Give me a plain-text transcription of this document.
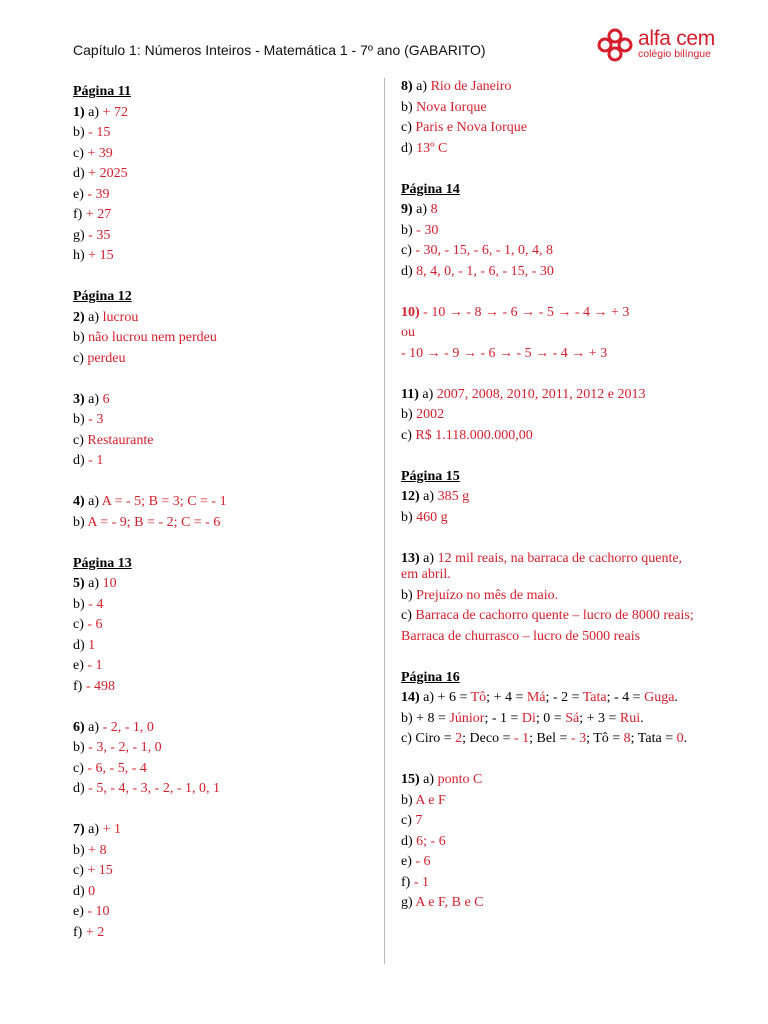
Capítulo 1: Números Inteiros - Matemática 1 - 7º ano (GABARITO)	alfa cem
colégio bilíngue
Página 11
1) a) + 72
b) - 15
c) + 39
d) + 2025
e) - 39
f) + 27
g) - 35
h) + 15
Página 12
2) a) lucrou
b) não lucrou nem perdeu
c) perdeu
3) a) 6
b) - 3
c) Restaurante
d) - 1
4) a) A = - 5; B = 3; C = - 1
b) A = - 9; B = - 2; C = - 6
Página 13
5) a) 10
b) - 4
c) - 6
d) 1
e) - 1
f) - 498
6) a) - 2, - 1, 0
b) - 3, - 2, - 1, 0
c) - 6, - 5, - 4
d) - 5, - 4, - 3, - 2, - 1, 0, 1
7) a) + 1
b) + 8
c) + 15
d) 0
e) - 10
f) + 2
8) a) Rio de Janeiro
b) Nova Iorque
c) Paris e Nova Iorque
d) 13º C
Página 14
9) a) 8
b) - 30
c) - 30, - 15, - 6, - 1, 0, 4, 8
d) 8, 4, 0, - 1, - 6, - 15, - 30
10) - 10 → - 8 → - 6 → - 5 → - 4 → + 3
ou
- 10 → - 9 → - 6 → - 5 → - 4 → + 3
11) a) 2007, 2008, 2010, 2011, 2012 e 2013
b) 2002
c) R$ 1.118.000.000,00
Página 15
12) a) 385 g
b) 460 g
13) a) 12 mil reais, na barraca de cachorro quente, em abril.
b) Prejuízo no mês de maio.
c) Barraca de cachorro quente – lucro de 8000 reais;
Barraca de churrasco – lucro de 5000 reais
Página 16
14) a) + 6 = Tô; + 4 = Má; - 2 = Tata; - 4 = Guga.
b) + 8 = Júnior; - 1 = Di; 0 = Sá; + 3 = Rui.
c) Ciro = 2; Deco = - 1; Bel = - 3; Tô = 8; Tata = 0.
15) a) ponto C
b) A e F
c) 7
d) 6; - 6
e) - 6
f) - 1
g) A e F, B e C
